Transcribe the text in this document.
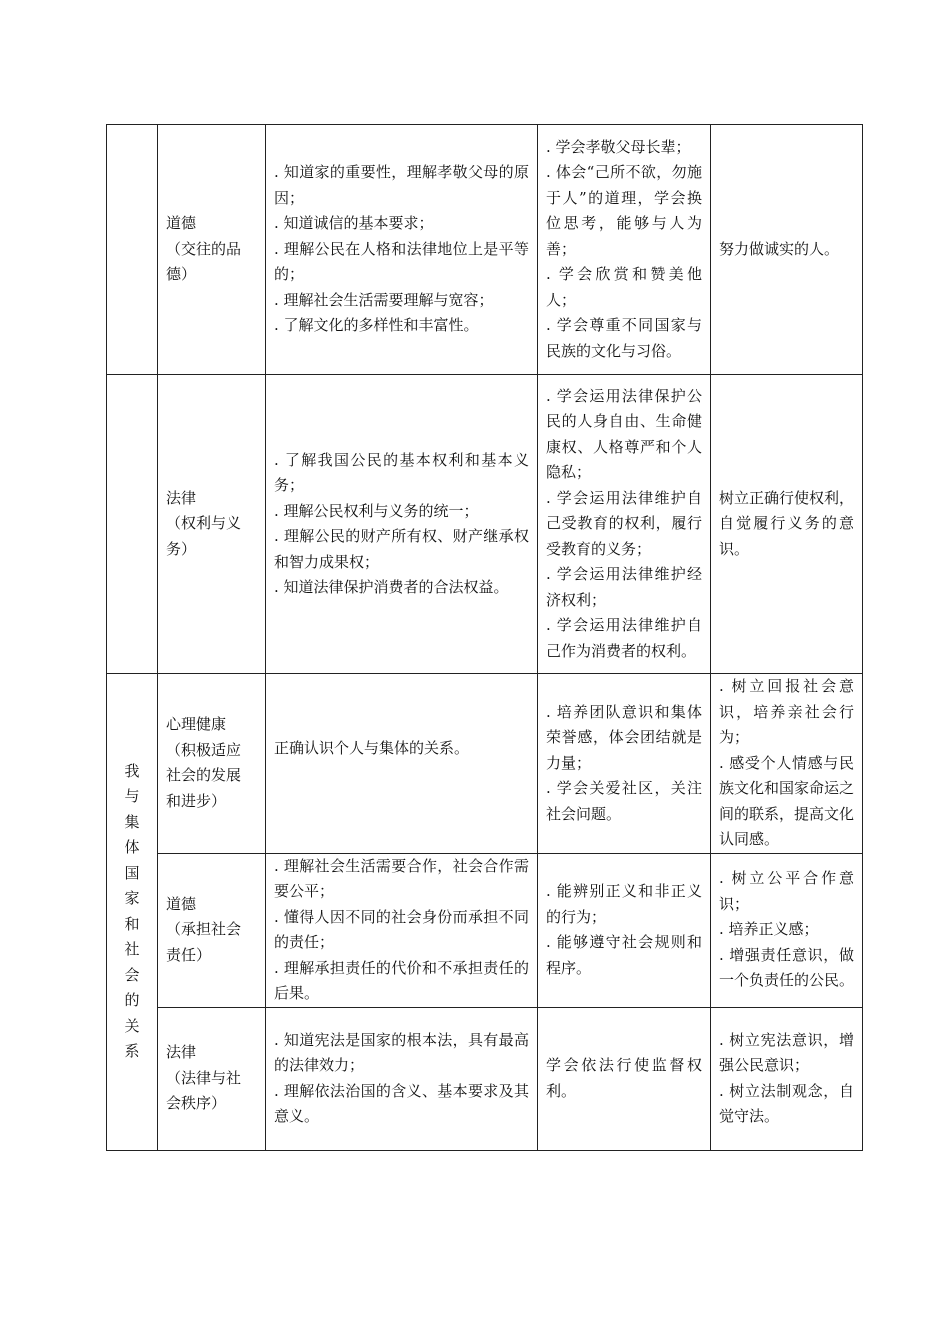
	道德
（交往的品
德）	. 知道家的重要性，理解孝敬父母的原因；
. 知道诚信的基本要求；
. 理解公民在人格和法律地位上是平等的；
. 理解社会生活需要理解与宽容；
. 了解文化的多样性和丰富性。	. 学会孝敬父母长辈；
. 体会“己所不欲，勿施于人”的道理，学会换位思考，能够与人为善；
. 学会欣赏和赞美他人；
. 学会尊重不同国家与民族的文化与习俗。	努力做诚实的人。

	法律
（权利与义
务）	. 了解我国公民的基本权利和基本义务；
. 理解公民权利与义务的统一；
. 理解公民的财产所有权、财产继承权和智力成果权；
. 知道法律保护消费者的合法权益。	. 学会运用法律保护公民的人身自由、生命健康权、人格尊严和个人隐私；
. 学会运用法律维护自己受教育的权利，履行受教育的义务；
. 学会运用法律维护经济权利；
. 学会运用法律维护自己作为消费者的权利。	树立正确行使权利，自觉履行义务的意识。

我与集体国家和社会的关系	心理健康
（积极适应
社会的发展
和进步）	正确认识个人与集体的关系。	. 培养团队意识和集体荣誉感，体会团结就是力量；
. 学会关爱社区，关注社会问题。	. 树立回报社会意识，培养亲社会行为；
. 感受个人情感与民族文化和国家命运之间的联系，提高文化认同感。

	道德
（承担社会
责任）	. 理解社会生活需要合作，社会合作需要公平；
. 懂得人因不同的社会身份而承担不同的责任；
. 理解承担责任的代价和不承担责任的后果。	. 能辨别正义和非正义的行为；
. 能够遵守社会规则和程序。	. 树立公平合作意识；
. 培养正义感；
. 增强责任意识，做一个负责任的公民。

	法律
（法律与社
会秩序）	. 知道宪法是国家的根本法，具有最高的法律效力；
. 理解依法治国的含义、基本要求及其意义。	学会依法行使监督权利。	. 树立宪法意识，增强公民意识；
. 树立法制观念，自觉守法。
